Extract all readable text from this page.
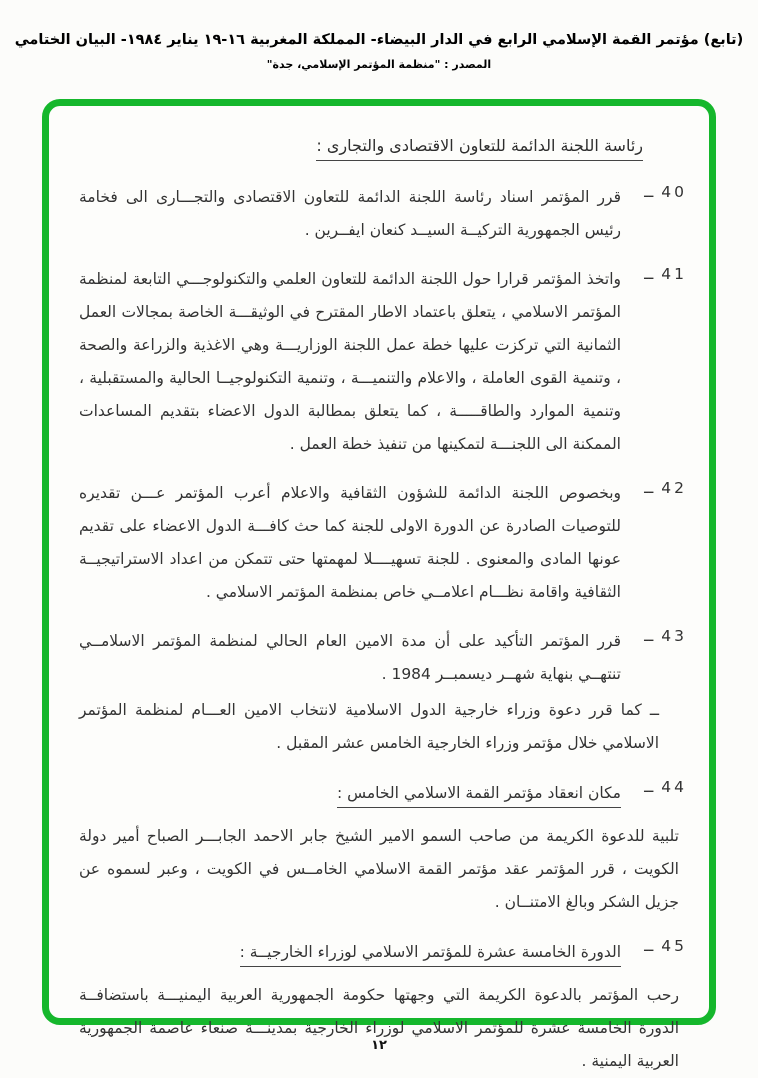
(تابع) مؤتمر القمة الإسلامي الرابع في الدار البيضاء- المملكة المغربية ١٦-١٩ يناير ١٩٨٤- البيان الختامي
المصدر : "منظمة المؤتمر الإسلامي، جدة"
رئاسة اللجنة الدائمة للتعاون الاقتصادى والتجارى :
40
ــ
قرر المؤتمر اسناد رئاسة اللجنة الدائمة للتعاون الاقتصادى والتجـــارى الى فخامة رئيس الجمهورية التركيــة السيــد كنعان ايفــرين .
41
ــ
واتخذ المؤتمر قرارا حول اللجنة الدائمة للتعاون العلمي والتكنولوجـــي التابعة لمنظمة المؤتمر الاسلامي ، يتعلق باعتماد الاطار المقترح في الوثيقـــة الخاصة بمجالات العمل الثمانية التي تركزت عليها خطة عمل اللجنة الوزاريـــة وهي الاغذية والزراعة والصحة ، وتنمية القوى العاملة ، والاعلام والتنميـــة ، وتنمية التكنولوجيــا الحالية والمستقبلية ، وتنمية الموارد والطاقـــــة ، كما يتعلق بمطالبة الدول الاعضاء بتقديم المساعدات الممكنة الى اللجنـــة لتمكينها من تنفيذ خطة العمل .
42
ــ
وبخصوص اللجنة الدائمة للشؤون الثقافية والاعلام أعرب المؤتمر عـــن تقديره للتوصيات الصادرة عن الدورة الاولى للجنة كما حث كافـــة الدول الاعضاء على تقديم عونها المادى والمعنوى . للجنة تسهيــــلا لمهمتها حتى تتمكن من اعداد الاستراتيجيــة الثقافية واقامة نظـــام اعلامــي خاص بمنظمة المؤتمر الاسلامي .
43
ــ
قرر المؤتمر التأكيد على أن مدة الامين العام الحالي لمنظمة المؤتمر الاسلامــي تنتهــي بنهاية شهــر ديسمبــر 1984 .
ــ كما قرر دعوة وزراء خارجية الدول الاسلامية لانتخاب الامين العـــام لمنظمة المؤتمر الاسلامي خلال مؤتمر وزراء الخارجية الخامس عشر المقبل .
44
ــ
مكان انعقاد مؤتمر القمة الاسلامي الخامس :
تلبية للدعوة الكريمة من صاحب السمو الامير الشيخ جابر الاحمد الجابـــر الصباح أمير دولة الكويت ، قرر المؤتمر عقد مؤتمر القمة الاسلامي الخامــس في الكويت ، وعبر لسموه عن جزيل الشكر وبالغ الامتنــان .
45
ــ
الدورة الخامسة عشرة للمؤتمر الاسلامي لوزراء الخارجيــة :
رحب المؤتمر بالدعوة الكريمة التي وجهتها حكومة الجمهورية العربية اليمنيـــة باستضافــة الدورة الخامسة عشرة للمؤتمر الاسلامي لوزراء الخارجية بمدينـــة صنعاء عاصمة الجمهورية العربية اليمنية .
١٢
